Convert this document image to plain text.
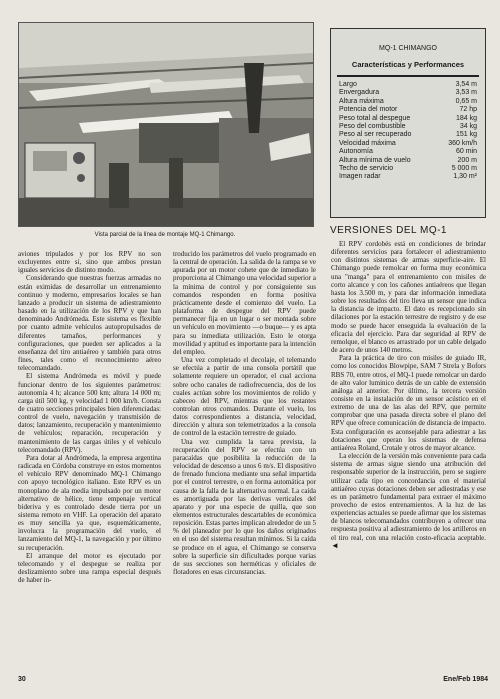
Vista parcial de la línea de montaje MQ-1 Chimango.
MQ-1 CHIMANGO
Características y Performances
Largo	3,54 m
Envergadura	3,53 m
Altura máxima	0,65 m
Potencia del motor	72 hp
Peso total al despegue	184 kg
Peso del combustible	34 kg
Peso al ser recuperado	151 kg
Velocidad máxima	360 km/h
Autonomía	60 min
Altura mínima de vuelo	200 m
Techo de servicio	5 000 m
Imagen radar	1,30 m²
VERSIONES DEL MQ-1

aviones tripulados y por los RPV no son excluyentes entre sí, sino que ambos prestan iguales servicios de distinto modo.

Considerando que nuestras fuerzas armadas no están eximidas de desarrollar un entrenamiento continuo y moderno, empresarios locales se han lanzado a producir un sistema de adiestramiento basado en la utilización de los RPV y que han denominado Andrómeda. Este sistema es flexible por cuanto admite vehículos autopropulsados de diferentes tamaños, performances y configuraciones, que pueden ser aplicados a la enseñanza del tiro antiaéreo y también para otros fines, tales como el reconocimiento aéreo telecomandado.

El sistema Andrómeda es móvil y puede funcionar dentro de los siguientes parámetros: autonomía 4 h; alcance 500 km; altura 14 000 m; carga útil 500 kg, y velocidad 1 000 km/h. Consta de cuatro secciones principales bien diferenciadas: control de vuelo, navegación y transmisión de datos; lanzamiento, recuperación y mantenimiento de vehículos; reparación, recuperación y mantenimiento de las cargas útiles y el vehículo telecomandado (RPV).

Para dotar al Andrómeda, la empresa argentina radicada en Córdoba construye en estos momentos el vehículo RPV denominado MQ-1 Chimango con apoyo tecnológico italiano. Este RPV es un monoplano de ala media impulsado por un motor alternativo de hélice, tiene empenaje vertical bideriva y es controlado desde tierra por un sistema remoto en VHF. La operación del aparato es muy sencilla ya que, esquemáticamente, involucra la programación del vuelo, el lanzamiento del MQ-1, la navegación y por último su recuperación.

El arranque del motor es ejecutado por telecomando y el despegue se realiza por deslizamiento sobre una rampa especial después de haber in-

troducido los parámetros del vuelo programado en la central de operación. La salida de la rampa se ve apurada por un motor cohete que de inmediato le proporciona al Chimango una velocidad superior a la mínima de control y por consiguiente sus comandos responden en forma positiva prácticamente desde el comienzo del vuelo. La plataforma de despegue del RPV puede permanecer fija en un lugar o ser montada sobre un vehículo en movimiento —o buque— y es apta para su inmediata utilización. Esto le otorga movilidad y aptitud es importante para la intención del empleo.

Una vez completado el decolaje, el telemando se efectúa a partir de una consola portátil que solamente requiere un operador, el cual acciona sobre ocho canales de radiofrecuencia, dos de los cuales actúan sobre los movimientos de rolido y cabeceo del RPV, mientras que los restantes controlan otros comandos. Durante el vuelo, los datos correspondientes a distancia, velocidad, dirección y altura son telemetrizados a la consola de control de la estación terrestre de guiado.

Una vez cumplida la tarea prevista, la recuperación del RPV se efectúa con un paracaídas que posibilita la reducción de la velocidad de descenso a unos 6 m/s. El dispositivo de frenado funciona mediante una señal impartida por el control terrestre, o en forma automática por causa de la falla de la alternativa normal. La caída es amortiguada por las derivas verticales del aparato y por una especie de quilla, que son elementos estructurales descartables de económica reposición. Estas partes implican alrededor de un 5 % del planeador por lo que los daños originados en el uso del sistema resultan mínimos. Si la caída se produce en el agua, el Chimango se conserva sobre la superficie sin dificultades porque varias de sus secciones son herméticas y oficiales de flotadores en esas circunstancias.

El RPV cordobés está en condiciones de brindar diferentes servicios para fortalecer el adiestramiento con distintos sistemas de armas superficie-aire. El Chimango puede remolcar en forma muy económica una "manga" para el entrenamiento con misiles de corto alcance y con los cañones antiaéreos que llegan hasta los 3.500 m, y para dar información inmediata sobre los resultados del tiro lleva un sensor que indica la distancia de impacto. El dato es recepcionado sin dilaciones por la estación terrestre de registro y de ese modo se puede hacer enseguida la evaluación de la eficacia del ejercicio. Para dar seguridad al RPV de remolque, el blanco es arrastrado por un cable delgado de acero de unos 140 metros.

Para la práctica de tiro con misiles de guiado IR, como los conocidos Blowpipe, SAM 7 Strela y Bofors RBS 70, entre otros, el MQ-1 puede remolcar un dardo de alto valor luminico detrás de un cable de extensión análoga al anterior. Por último, la tercera versión consiste en la instalación de un sensor acústico en el extremo de una de las alas del RPV, que permite comprobar que una pasada directa sobre el plano del RPV que ofrece comunicación de distancia de impacto. Esta configuración es aconsejable para adiestrar a las dotaciones que operan los sistemas de defensa antiaérea Roland, Crotale y otros de mayor alcance.

La elección de la versión más conveniente para cada sistema de armas sigue siendo una atribución del responsable superior de la instrucción, pero se sugiere utilizar cada tipo en concordancia con el material antiaéreo cuyas dotaciones deben ser adiestradas y ese es un parámetro fundamental para extraer el máximo provecho de estos entrenamientos. A la luz de las experiencias actuales se puede afirmar que los sistemas de blancos telecomandados contribuyen a ofrecer una respuesta positiva al adiestramiento de los artilleros en el tiro real, con una relación costo-eficacia aceptable. ◄

30	Ene/Feb 1984
